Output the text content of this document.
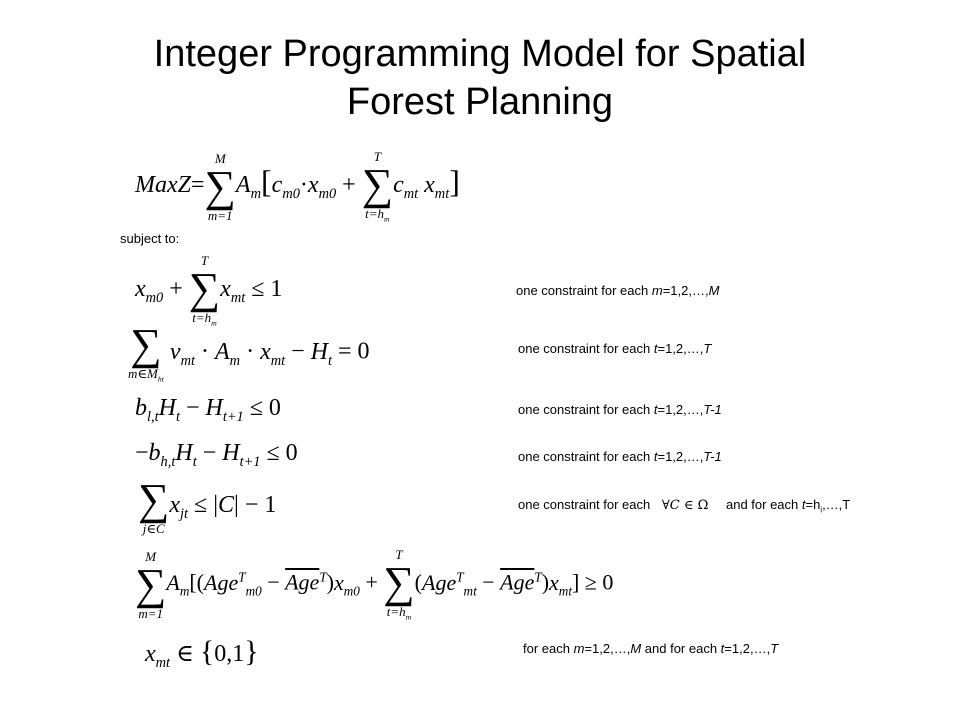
Integer Programming Model for Spatial
Forest Planning
MaxZ=
M
∑
m=1
$A_m[c_{m0}\cdot x_{m0}$ +
T
∑
$t=h_m$
$c_{mt}$ $x_{mt}$]
subject to:
$x_{m0}$ +
T
∑
$t=h_m$
$x_{mt} \le 1$	one constraint for each m=1,2,…,M
∑
$m\in M_{ht}$
$v_{mt} \cdot A_m \cdot x_{mt} - H_t = 0$	one constraint for each t=1,2,…,T
$b_{l,t}H_t - H_{t+1} \le 0$	one constraint for each t=1,2,…,T-1
$-b_{h,t}H_t - H_{t+1} \le 0$	one constraint for each t=1,2,…,T-1
∑
j∈C
$x_{jt} \le |C| - 1$	one constraint for each ∀C ∈ Ω and for each $t=h_i,\dots,T$
M
∑
m=1
$A_m[(Age^T_{m0} - \overline{Age}^T)x_{m0}$ +
T
∑
$t=h_m$
$(Age^T_{mt} - \overline{Age}^T)x_{mt}] \ge 0$
$x_{mt}$ ∈ {0,1}	for each m=1,2,…,M and for each t=1,2,…,T
